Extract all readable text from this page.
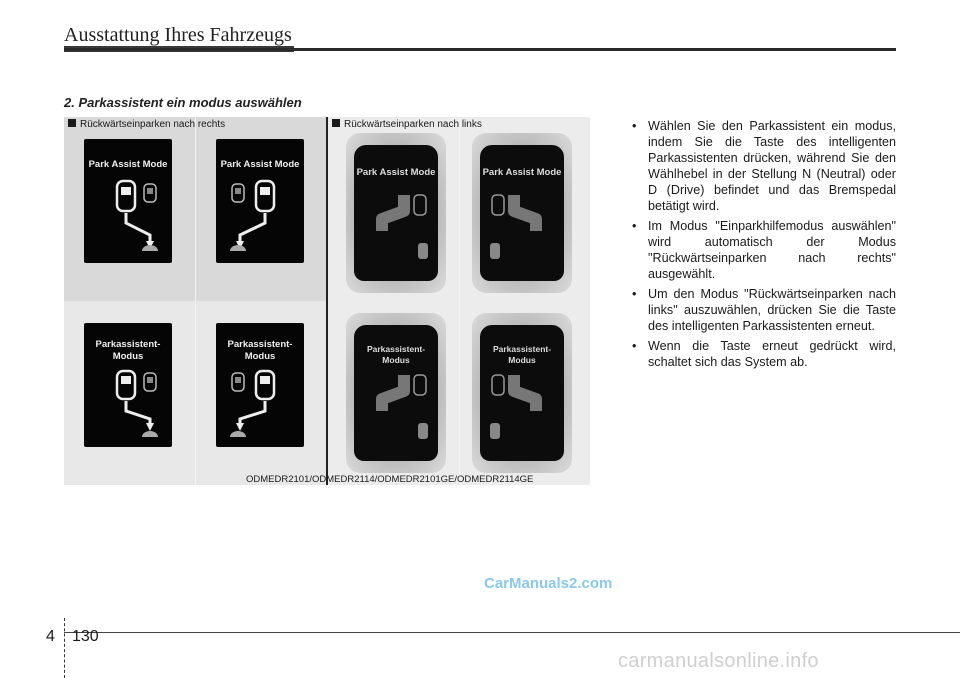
Ausstattung Ihres Fahrzeugs
2. Parkassistent ein modus auswählen
Rückwärtseinparken nach rechts
Park Assist Mode	Park Assist Mode
Parkassistent-
Modus
Parkassistent-
Modus
Rückwärtseinparken nach links
Park Assist Mode	Park Assist Mode
Parkassistent-
Modus
Parkassistent-
Modus
ODMEDR2101/ODMEDR2114/ODMEDR2101GE/ODMEDR2114GE
• Wählen Sie den Parkassistent ein modus, indem Sie die Taste des intelligenten Parkassistenten drücken, während Sie den Wählhebel in der Stellung N (Neutral) oder D (Drive) befindet und das Bremspedal betätigt wird.
• Im Modus "Einparkhilfemodus auswählen" wird automatisch der Modus "Rückwärtseinparken nach rechts" ausgewählt.
• Um den Modus "Rückwärtseinparken nach links" auszuwählen, drücken Sie die Taste des intelligenten Parkassistenten erneut.
• Wenn die Taste erneut gedrückt wird, schaltet sich das System ab.
CarManuals2.com
4 130
carmanualsonline.info
